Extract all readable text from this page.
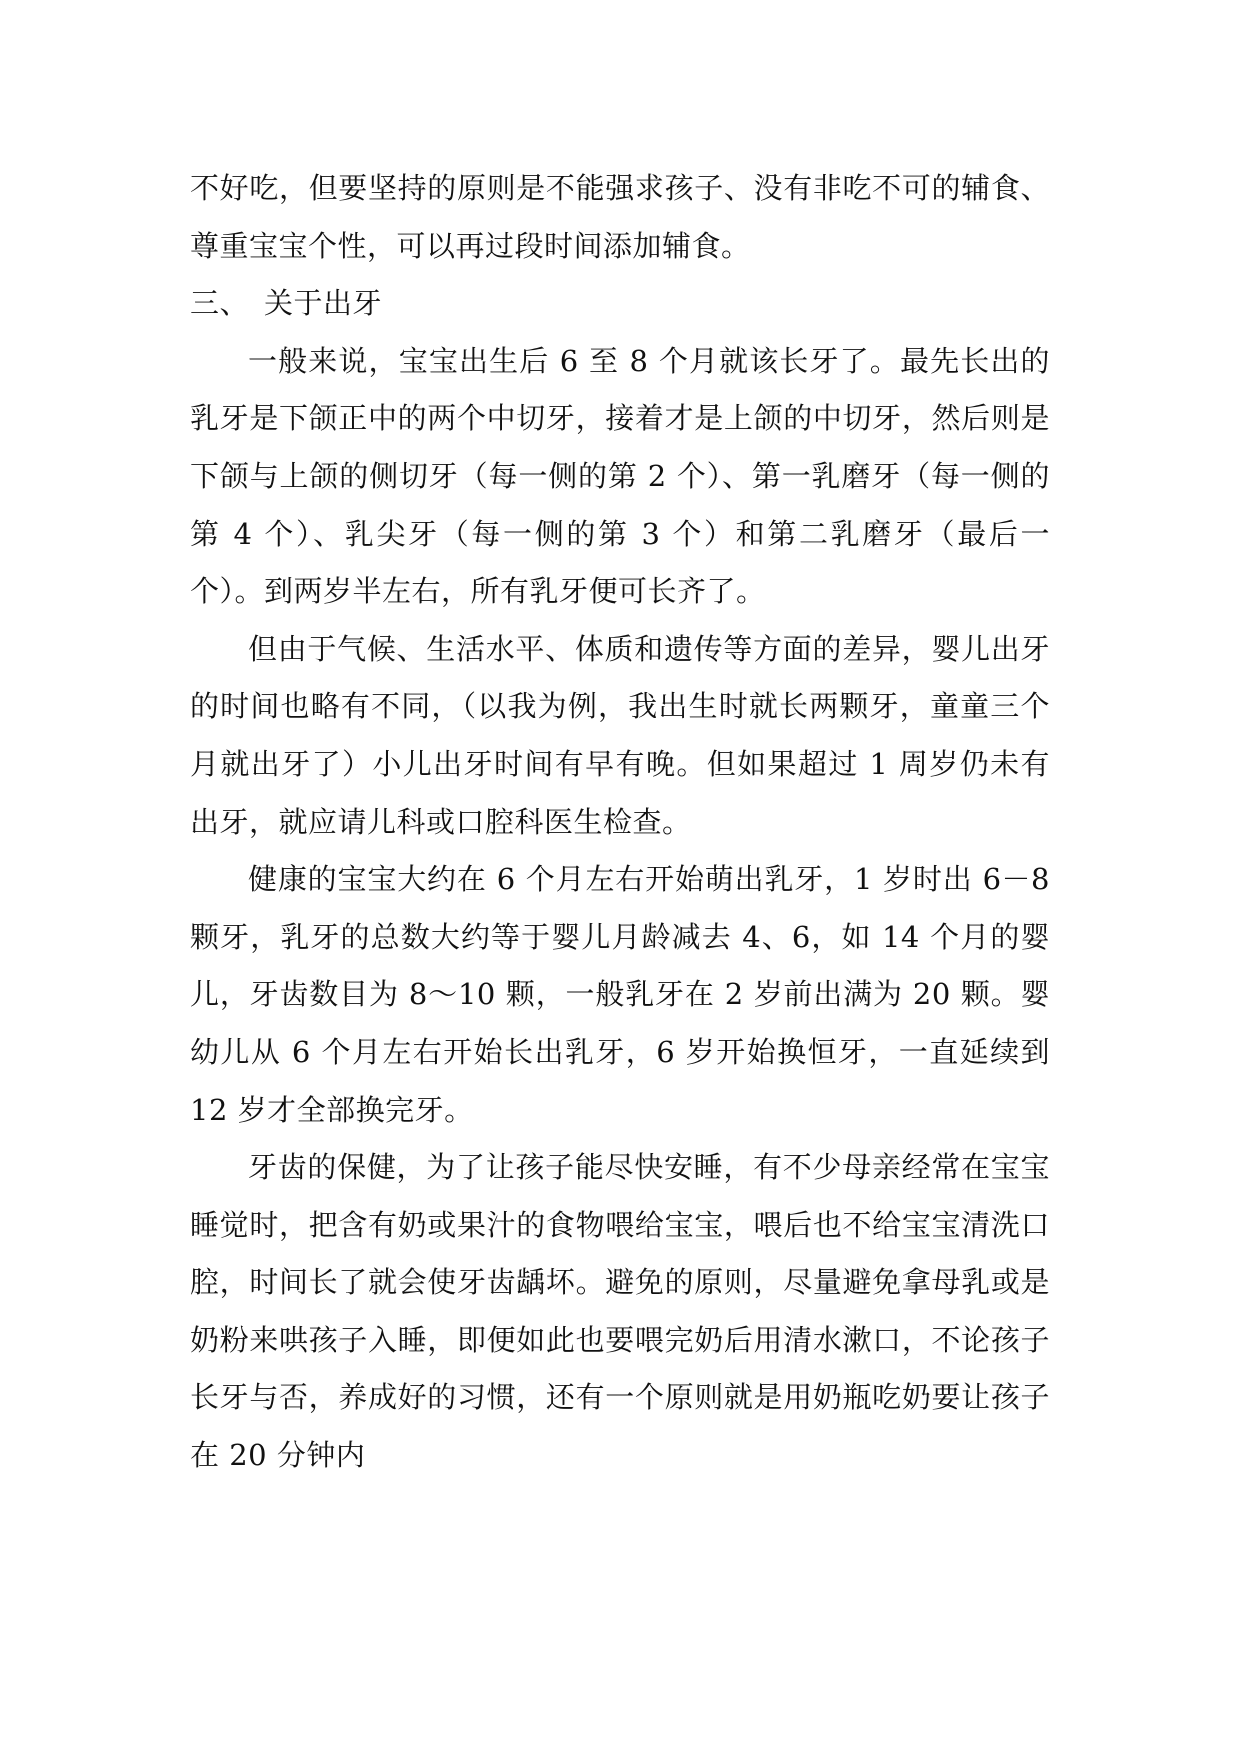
不好吃，但要坚持的原则是不能强求孩子、没有非吃不可的辅食、尊重宝宝个性，可以再过段时间添加辅食。

三、 关于出牙

一般来说，宝宝出生后 6 至 8 个月就该长牙了。最先长出的乳牙是下颌正中的两个中切牙，接着才是上颌的中切牙，然后则是下颌与上颌的侧切牙（每一侧的第 2 个）、第一乳磨牙（每一侧的第 4 个）、乳尖牙（每一侧的第 3 个）和第二乳磨牙（最后一个）。到两岁半左右，所有乳牙便可长齐了。

但由于气候、生活水平、体质和遗传等方面的差异，婴儿出牙的时间也略有不同，（以我为例，我出生时就长两颗牙，童童三个月就出牙了）小儿出牙时间有早有晚。但如果超过 1 周岁仍未有出牙，就应请儿科或口腔科医生检查。

健康的宝宝大约在 6 个月左右开始萌出乳牙，1 岁时出 6－8 颗牙，乳牙的总数大约等于婴儿月龄减去 4、6，如 14 个月的婴儿，牙齿数目为 8～10 颗，一般乳牙在 2 岁前出满为 20 颗。婴幼儿从 6 个月左右开始长出乳牙，6 岁开始换恒牙，一直延续到 12 岁才全部换完牙。

牙齿的保健，为了让孩子能尽快安睡，有不少母亲经常在宝宝睡觉时，把含有奶或果汁的食物喂给宝宝，喂后也不给宝宝清洗口腔，时间长了就会使牙齿龋坏。避免的原则，尽量避免拿母乳或是奶粉来哄孩子入睡，即便如此也要喂完奶后用清水漱口，不论孩子长牙与否，养成好的习惯，还有一个原则就是用奶瓶吃奶要让孩子在 20 分钟内
